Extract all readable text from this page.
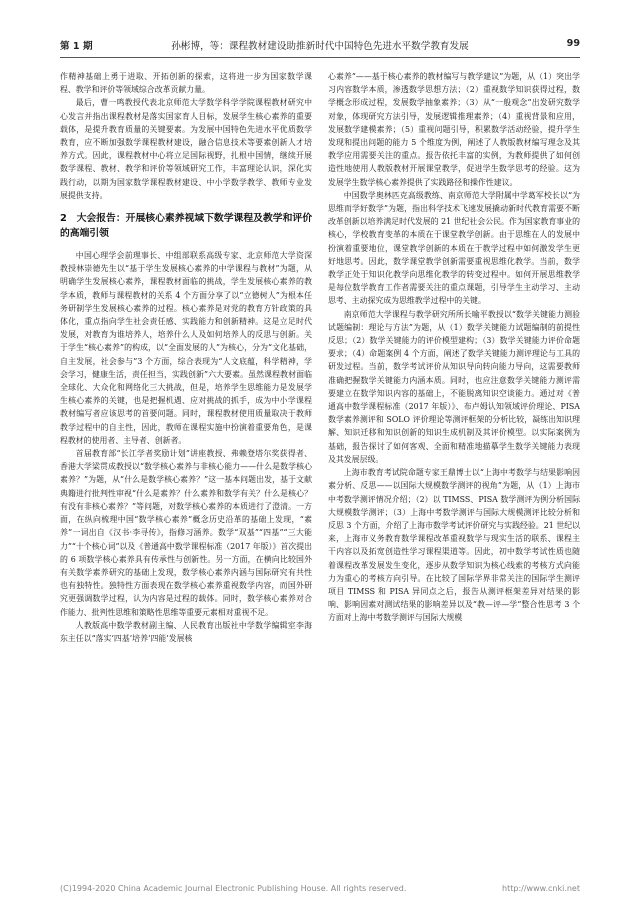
第 1 期	孙彬博，等：课程教材建设助推新时代中国特色先进水平数学教育发展	99

作精神基础上勇于进取、开拓创新的探索，这将进一步为国家数学课程、教学和评价等领域综合改革贡献力量。

最后，曹一鸣教授代表北京师范大学数学科学学院课程教材研究中心发言并指出课程教材是落实国家育人目标，发展学生核心素养的重要载体，是提升教育质量的关键要素。为发展中国特色先进水平优质数学教育，应不断加强数学课程教材建设，融合信息技术等要素创新人才培养方式。因此，课程教材中心将立足国际视野，扎根中国情，继续开展数学课程、教材、教学和评价等领域研究工作，丰富理论认识，深化实践行动，以期为国家数学课程教材建设、中小学数学教学、教师专业发展提供支持。

2　大会报告：开展核心素养视域下数学课程及教学和评价的高端引领

中国心理学会前理事长、中组部联系高级专家、北京师范大学资深教授林崇德先生以“基于学生发展核心素养的中学课程与教材”为题，从明确学生发展核心素养，课程教材面临的挑战，学生发展核心素养的教学本质，教师与课程教材的关系 4 个方面分享了以“立德树人”为根本任务研制学生发展核心素养的过程。核心素养是对党的教育方针政策的具体化，重点指向学生社会责任感、实践能力和创新精神。这是立足时代发展，对教育为谁培养人，培养什么人及如何培养人的反思与创新。关于学生“核心素养”的构成，以“全面发展的人”为核心，分为“文化基础，自主发展，社会参与”3 个方面，综合表现为“人文底蕴，科学精神，学会学习，健康生活，责任担当，实践创新”六大要素。虽然课程教材面临全球化、大众化和网络化三大挑战，但是，培养学生思维能力是发展学生核心素养的关键，也是把握机遇、应对挑战的抓手，成为中小学课程教材编写者应该思考的首要问题。同时，课程教材使用质量取决于教师教学过程中的自主性，因此，教师在课程实施中扮演着重要角色，是课程教材的使用者、主导者、创新者。

首届教育部“长江学者奖励计划”讲座教授、弗赖登塔尔奖获得者、香港大学梁贯成教授以“数学核心素养与非核心能力——什么是数学核心素养？”为题，从“什么是数学核心素养？”这一基本问题出发，基于文献典籍进行批判性审视“什么是素养？什么素养和数学有关？什么是核心？有没有非核心素养？”等问题，对数学核心素养的本质进行了澄清。一方面，在纵向梳理中国“数学核心素养”概念历史沿革的基础上发现，“素养”一词出自《汉书·李寻传》，指修习涵养。数学“双基”“四基”“三大能力”“十个核心词”以及《普通高中数学课程标准（2017 年版）》首次提出的 6 项数学核心素养具有传承性与创新性。另一方面，在横向比较国外有关数学素养研究的基础上发现，数学核心素养内涵与国际研究有共性也有独特性。独特性方面表现在数学核心素养重视数学内容，而国外研究更强调数学过程，认为内容是过程的载体。同时，数学核心素养对合作能力、批判性思维和策略性思维等重要元素相对重视不足。

人教版高中数学教材副主编、人民教育出版社中学数学编辑室李海东主任以“落实‘四基’培养‘四能’发展核

心素养”——基于核心素养的教材编写与教学建议”为题，从（1）突出学习内容数学本质，渗透数学思想方法；（2）重视数学知识获得过程，数学概念形成过程，发展数学抽象素养；（3）从“一般观念”出发研究数学对象，体现研究方法引导，发展逻辑推理素养；（4）重视背景和应用，发展数学建模素养；（5）重视问题引导，积累数学活动经验，提升学生发现和提出问题的能力 5 个维度为例，阐述了人教版教材编写理念及其教学应用需要关注的重点。报告依托丰富的实例，为教师提供了如何创造性地使用人教版教材开展课堂教学，促进学生数学思考的经验。这为发展学生数学核心素养提供了实践路径和操作性建议。

中国数学奥林匹克高级教练、南京师范大学附属中学葛军校长以“为思维而学好数学”为题，指出科学技术飞速发展撬动新时代教育需要不断改革创新以培养满足时代发展的 21 世纪社会公民。作为国家教育事业的核心，学校教育变革的本质在于课堂教学创新。由于思维在人的发展中扮演着重要地位，课堂教学创新的本质在于教学过程中如何激发学生更好地思考。因此，数学课堂教学创新需要重视思维化教学。当前，数学教学正处于知识化教学向思维化教学的转变过程中。如何开展思维教学是每位数学教育工作者需要关注的重点课题，引导学生主动学习、主动思考、主动探究成为思维教学过程中的关键。

南京师范大学课程与教学研究所所长喻平教授以“数学关键能力测验试题编制：理论与方法”为题，从（1）数学关键能力试题编制的前提性反思；（2）数学关键能力的评价模型建构；（3）数学关键能力评价命题要求；（4）命题案例 4 个方面，阐述了数学关键能力测评理论与工具的研发过程。当前，数学考试评价从知识导向转向能力导向，这需要教师准确把握数学关键能力内涵本质。同时，也应注意数学关键能力测评需要建立在数学知识内容的基础上，不能脱离知识空谈能力。通过对《普通高中数学课程标准（2017 年版）》、布卢姆认知领域评价理论、PISA 数学素养测评和 SOLO 评价理论等测评框架的分析比较，凝练出知识理解、知识迁移和知识创新的知识生成机制及其评价模型。以实际案例为基础，报告探讨了如何客观、全面和精准地描摹学生数学关键能力表现及其发展层级。

上海市教育考试院命题专家王鼎博士以“上海中考数学与结果影响因素分析、反思——以国际大规模数学测评的视角”为题，从（1）上海市中考数学测评情况介绍；（2）以 TIMSS、PISA 数学测评为例分析国际大规模数学测评；（3）上海中考数学测评与国际大规模测评比较分析和反思 3 个方面，介绍了上海市数学考试评价研究与实践经验。21 世纪以来，上海市义务教育数学课程改革重视数学与现实生活的联系、课程主干内容以及拓宽创造性学习课程渠道等。因此，初中数学考试性质也随着课程改革发展发生变化，逐步从数学知识为核心线索的考核方式向能力为重心的考核方向引导。在比较了国际学界非常关注的国际学生测评项目 TIMSS 和 PISA 异同点之后，报告从测评框架差异对结果的影响、影响因素对测试结果的影响差异以及“教—评—学”整合性思考 3 个方面对上海中考数学测评与国际大规模

(C)1994-2020 China Academic Journal Electronic Publishing House. All rights reserved.	http://www.cnki.net
